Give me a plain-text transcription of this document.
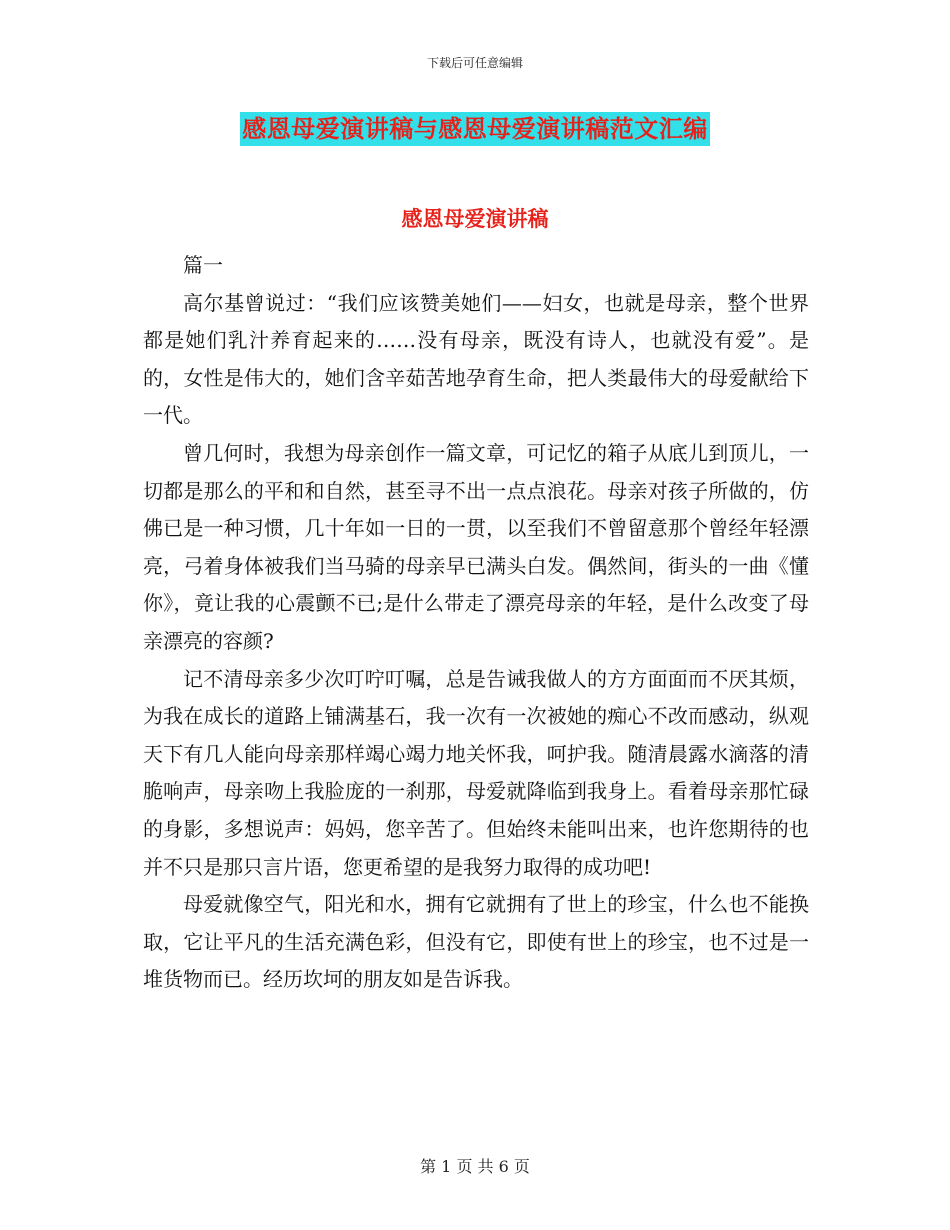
下载后可任意编辑
感恩母爱演讲稿与感恩母爱演讲稿范文汇编
感恩母爱演讲稿

篇一

高尔基曾说过：“我们应该赞美她们——妇女，也就是母亲，整个世界都是她们乳汁养育起来的……没有母亲，既没有诗人，也就没有爱”。是的，女性是伟大的，她们含辛茹苦地孕育生命，把人类最伟大的母爱献给下一代。

曾几何时，我想为母亲创作一篇文章，可记忆的箱子从底儿到顶儿，一切都是那么的平和和自然，甚至寻不出一点点浪花。母亲对孩子所做的，仿佛已是一种习惯，几十年如一日的一贯，以至我们不曾留意那个曾经年轻漂亮，弓着身体被我们当马骑的母亲早已满头白发。偶然间，街头的一曲《懂你》，竟让我的心震颤不已;是什么带走了漂亮母亲的年轻，是什么改变了母亲漂亮的容颜?

记不清母亲多少次叮咛叮嘱，总是告诫我做人的方方面面而不厌其烦，为我在成长的道路上铺满基石，我一次有一次被她的痴心不改而感动，纵观天下有几人能向母亲那样竭心竭力地关怀我，呵护我。随清晨露水滴落的清脆响声，母亲吻上我脸庞的一刹那，母爱就降临到我身上。看着母亲那忙碌的身影，多想说声：妈妈，您辛苦了。但始终未能叫出来，也许您期待的也并不只是那只言片语，您更希望的是我努力取得的成功吧!

母爱就像空气，阳光和水，拥有它就拥有了世上的珍宝，什么也不能换取，它让平凡的生活充满色彩，但没有它，即使有世上的珍宝，也不过是一堆货物而已。经历坎坷的朋友如是告诉我。

第 1 页 共 6 页
